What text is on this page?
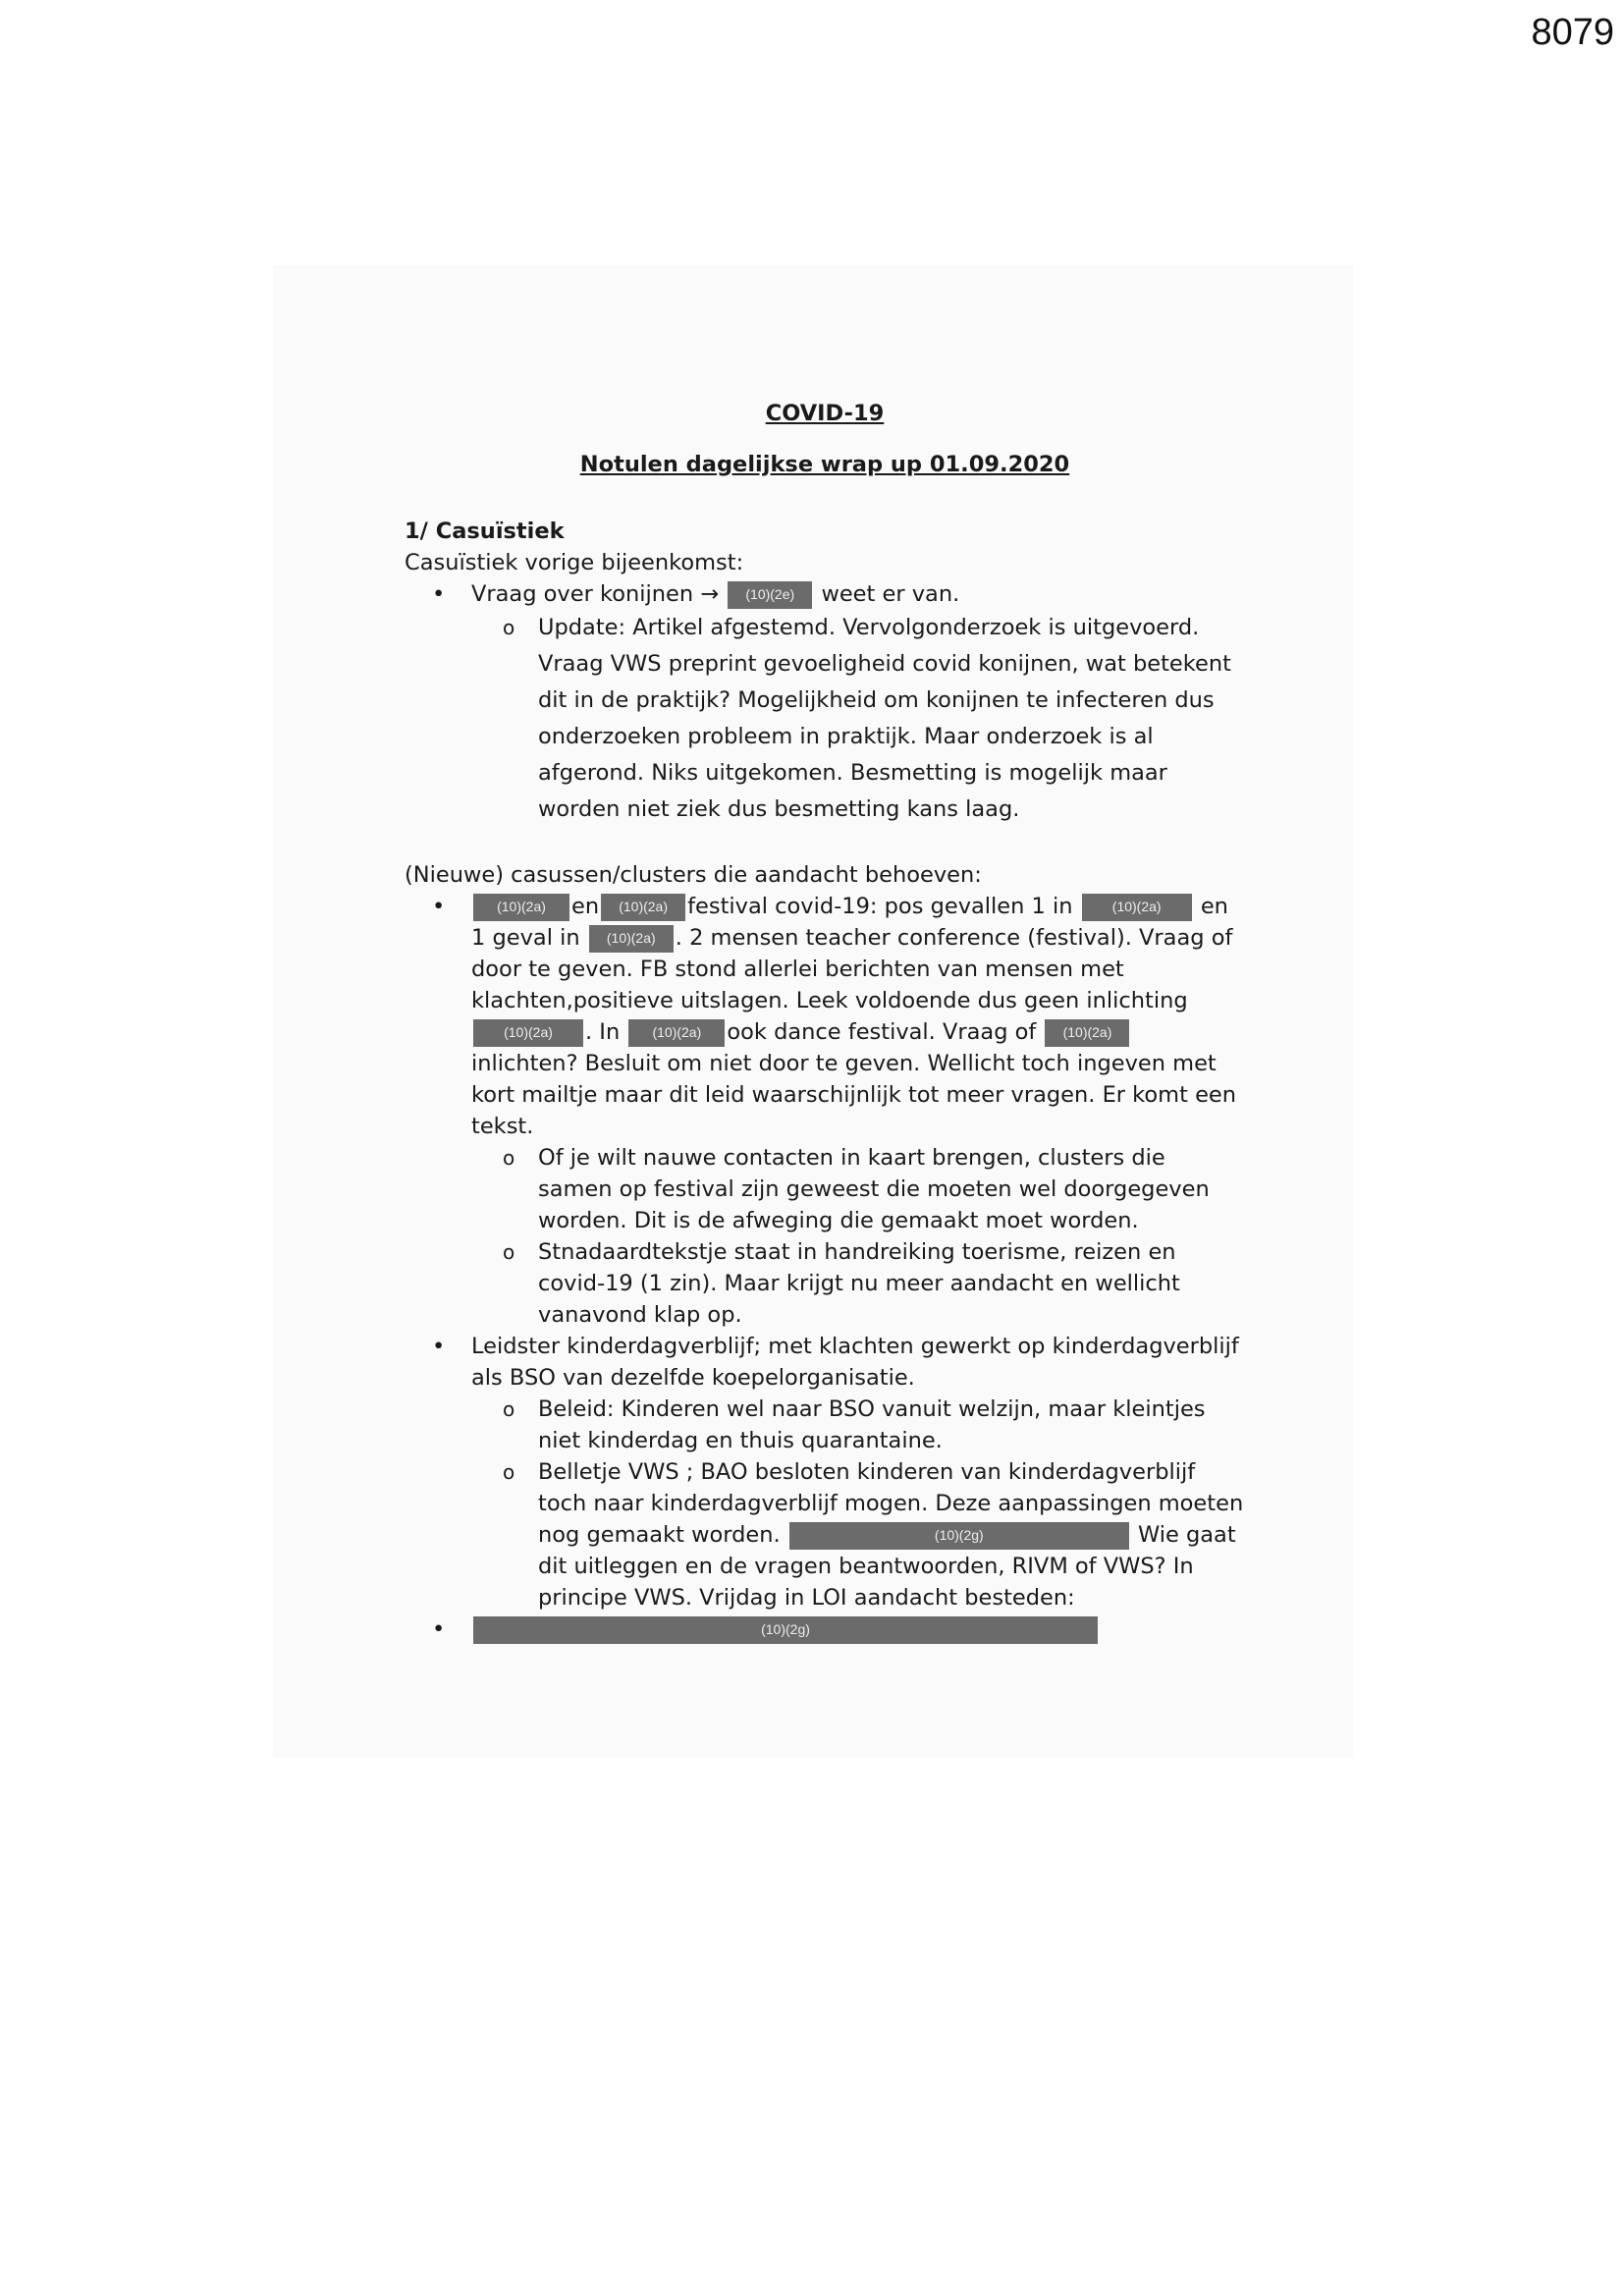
8079

COVID-19

Notulen dagelijkse wrap up 01.09.2020

1/ Casuïstiek

Casuïstiek vorige bijeenkomst:

• Vraag over konijnen → (10)(2e) weet er van.
o Update: Artikel afgestemd. Vervolgonderzoek is uitgevoerd. Vraag VWS preprint gevoeligheid covid konijnen, wat betekent dit in de praktijk? Mogelijkheid om konijnen te infecteren dus onderzoeken probleem in praktijk. Maar onderzoek is al afgerond. Niks uitgekomen. Besmetting is mogelijk maar worden niet ziek dus besmetting kans laag.

(Nieuwe) casussen/clusters die aandacht behoeven:

• (10)(2a) en (10)(2a) festival covid-19: pos gevallen 1 in	(10)(2a) en 1 geval in (10)(2a) . 2 mensen teacher conference (festival). Vraag of door te geven. FB stond allerlei berichten van mensen met klachten,positieve uitslagen. Leek voldoende dus geen inlichting(10)(2a) . In (10)(2a) ook dance festival. Vraag of (10)(2a) inlichten? Besluit om niet door te geven. Wellicht toch ingeven met kort mailtje maar dit leid waarschijnlijk tot meer vragen. Er komt een tekst.
o Of je wilt nauwe contacten in kaart brengen, clusters die samen op festival zijn geweest die moeten wel doorgegeven worden. Dit is de afweging die gemaakt moet worden.
o Stnadaardtekstje staat in handreiking toerisme, reizen en covid-19 (1 zin). Maar krijgt nu meer aandacht en wellicht vanavond klap op.
• Leidster kinderdagverblijf; met klachten gewerkt op kinderdagverblijf als BSO van dezelfde koepelorganisatie.
o Beleid: Kinderen wel naar BSO vanuit welzijn, maar kleintjes niet kinderdag en thuis quarantaine.
o Belletje VWS ; BAO besloten kinderen van kinderdagverblijf toch naar kinderdagverblijf mogen. Deze aanpassingen moeten nog gemaakt worden.	(10)(2g)	Wie gaat dit uitleggen en de vragen beantwoorden, RIVM of VWS? In principe VWS. Vrijdag in LOI aandacht besteden:
• (10)(2g)
